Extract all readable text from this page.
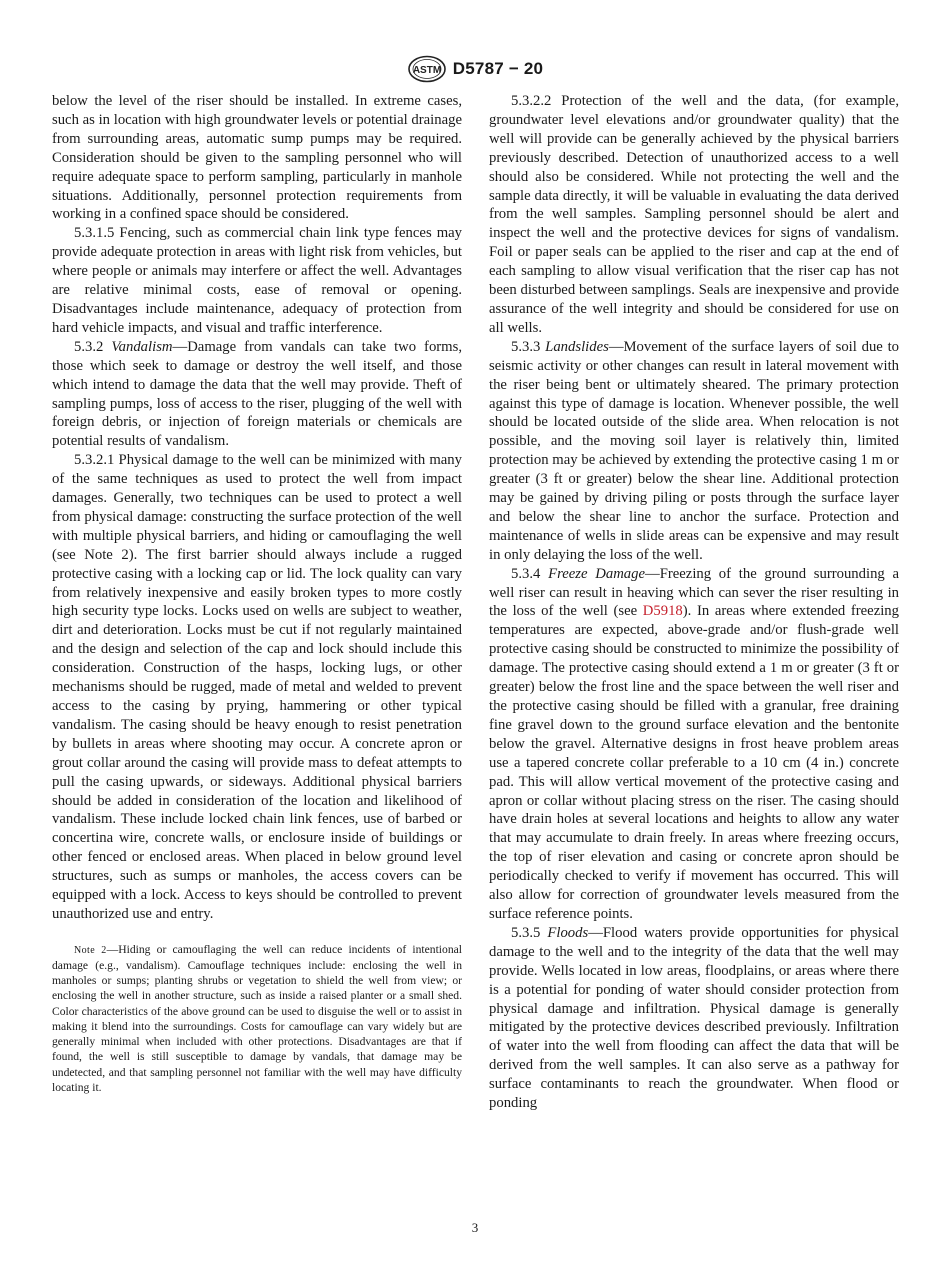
ASTM D5787 − 20

below the level of the riser should be installed. In extreme cases, such as in location with high groundwater levels or potential drainage from surrounding areas, automatic sump pumps may be required. Consideration should be given to the sampling personnel who will require adequate space to perform sampling, particularly in manhole situations. Additionally, personnel protection requirements from working in a confined space should be considered.

5.3.1.5 Fencing, such as commercial chain link type fences may provide adequate protection in areas with light risk from vehicles, but where people or animals may interfere or affect the well. Advantages are relative minimal costs, ease of removal or opening. Disadvantages include maintenance, adequacy of protection from hard vehicle impacts, and visual and traffic interference.

5.3.2 Vandalism—Damage from vandals can take two forms, those which seek to damage or destroy the well itself, and those which intend to damage the data that the well may provide. Theft of sampling pumps, loss of access to the riser, plugging of the well with foreign debris, or injection of foreign materials or chemicals are potential results of vandalism.

5.3.2.1 Physical damage to the well can be minimized with many of the same techniques as used to protect the well from impact damages. Generally, two techniques can be used to protect a well from physical damage: constructing the surface protection of the well with multiple physical barriers, and hiding or camouflaging the well (see Note 2). The first barrier should always include a rugged protective casing with a locking cap or lid. The lock quality can vary from relatively inexpensive and easily broken types to more costly high security type locks. Locks used on wells are subject to weather, dirt and deterioration. Locks must be cut if not regularly maintained and the design and selection of the cap and lock should include this consideration. Construction of the hasps, locking lugs, or other mechanisms should be rugged, made of metal and welded to prevent access to the casing by prying, hammering or other typical vandalism. The casing should be heavy enough to resist penetration by bullets in areas where shooting may occur. A concrete apron or grout collar around the casing will provide mass to defeat attempts to pull the casing upwards, or sideways. Additional physical barriers should be added in consideration of the location and likelihood of vandalism. These include locked chain link fences, use of barbed or concertina wire, concrete walls, or enclosure inside of buildings or other fenced or enclosed areas. When placed in below ground level structures, such as sumps or manholes, the access covers can be equipped with a lock. Access to keys should be controlled to prevent unauthorized use and entry.

Note 2—Hiding or camouflaging the well can reduce incidents of intentional damage (e.g., vandalism). Camouflage techniques include: enclosing the well in manholes or sumps; planting shrubs or vegetation to shield the well from view; or enclosing the well in another structure, such as inside a raised planter or a small shed. Color characteristics of the above ground can be used to disguise the well or to assist in making it blend into the surroundings. Costs for camouflage can vary widely but are generally minimal when included with other protections. Disadvantages are that if found, the well is still susceptible to damage by vandals, that damage may be undetected, and that sampling personnel not familiar with the well may have difficulty locating it.

5.3.2.2 Protection of the well and the data, (for example, groundwater level elevations and/or groundwater quality) that the well will provide can be generally achieved by the physical barriers previously described. Detection of unauthorized access to a well should also be considered. While not protecting the well and the sample data directly, it will be valuable in evaluating the data derived from the well samples. Sampling personnel should be alert and inspect the well and the protective devices for signs of vandalism. Foil or paper seals can be applied to the riser and cap at the end of each sampling to allow visual verification that the riser cap has not been disturbed between samplings. Seals are inexpensive and provide assurance of the well integrity and should be considered for use on all wells.

5.3.3 Landslides—Movement of the surface layers of soil due to seismic activity or other changes can result in lateral movement with the riser being bent or ultimately sheared. The primary protection against this type of damage is location. Whenever possible, the well should be located outside of the slide area. When relocation is not possible, and the moving soil layer is relatively thin, limited protection may be achieved by extending the protective casing 1 m or greater (3 ft or greater) below the shear line. Additional protection may be gained by driving piling or posts through the surface layer and below the shear line to anchor the surface. Protection and maintenance of wells in slide areas can be expensive and may result in only delaying the loss of the well.

5.3.4 Freeze Damage—Freezing of the ground surrounding a well riser can result in heaving which can sever the riser resulting in the loss of the well (see D5918). In areas where extended freezing temperatures are expected, above-grade and/or flush-grade well protective casing should be constructed to minimize the possibility of damage. The protective casing should extend a 1 m or greater (3 ft or greater) below the frost line and the space between the well riser and the protective casing should be filled with a granular, free draining fine gravel down to the ground surface elevation and the bentonite below the gravel. Alternative designs in frost heave problem areas use a tapered concrete collar preferable to a 10 cm (4 in.) concrete pad. This will allow vertical movement of the protective casing and apron or collar without placing stress on the riser. The casing should have drain holes at several locations and heights to allow any water that may accumulate to drain freely. In areas where freezing occurs, the top of riser elevation and casing or concrete apron should be periodically checked to verify if movement has occurred. This will also allow for correction of groundwater levels measured from the surface reference points.

5.3.5 Floods—Flood waters provide opportunities for physical damage to the well and to the integrity of the data that the well may provide. Wells located in low areas, floodplains, or areas where there is a potential for ponding of water should consider protection from physical damage and infiltration. Physical damage is generally mitigated by the protective devices described previously. Infiltration of water into the well from flooding can affect the data that will be derived from the well samples. It can also serve as a pathway for surface contaminants to reach the groundwater. When flood or ponding

3
